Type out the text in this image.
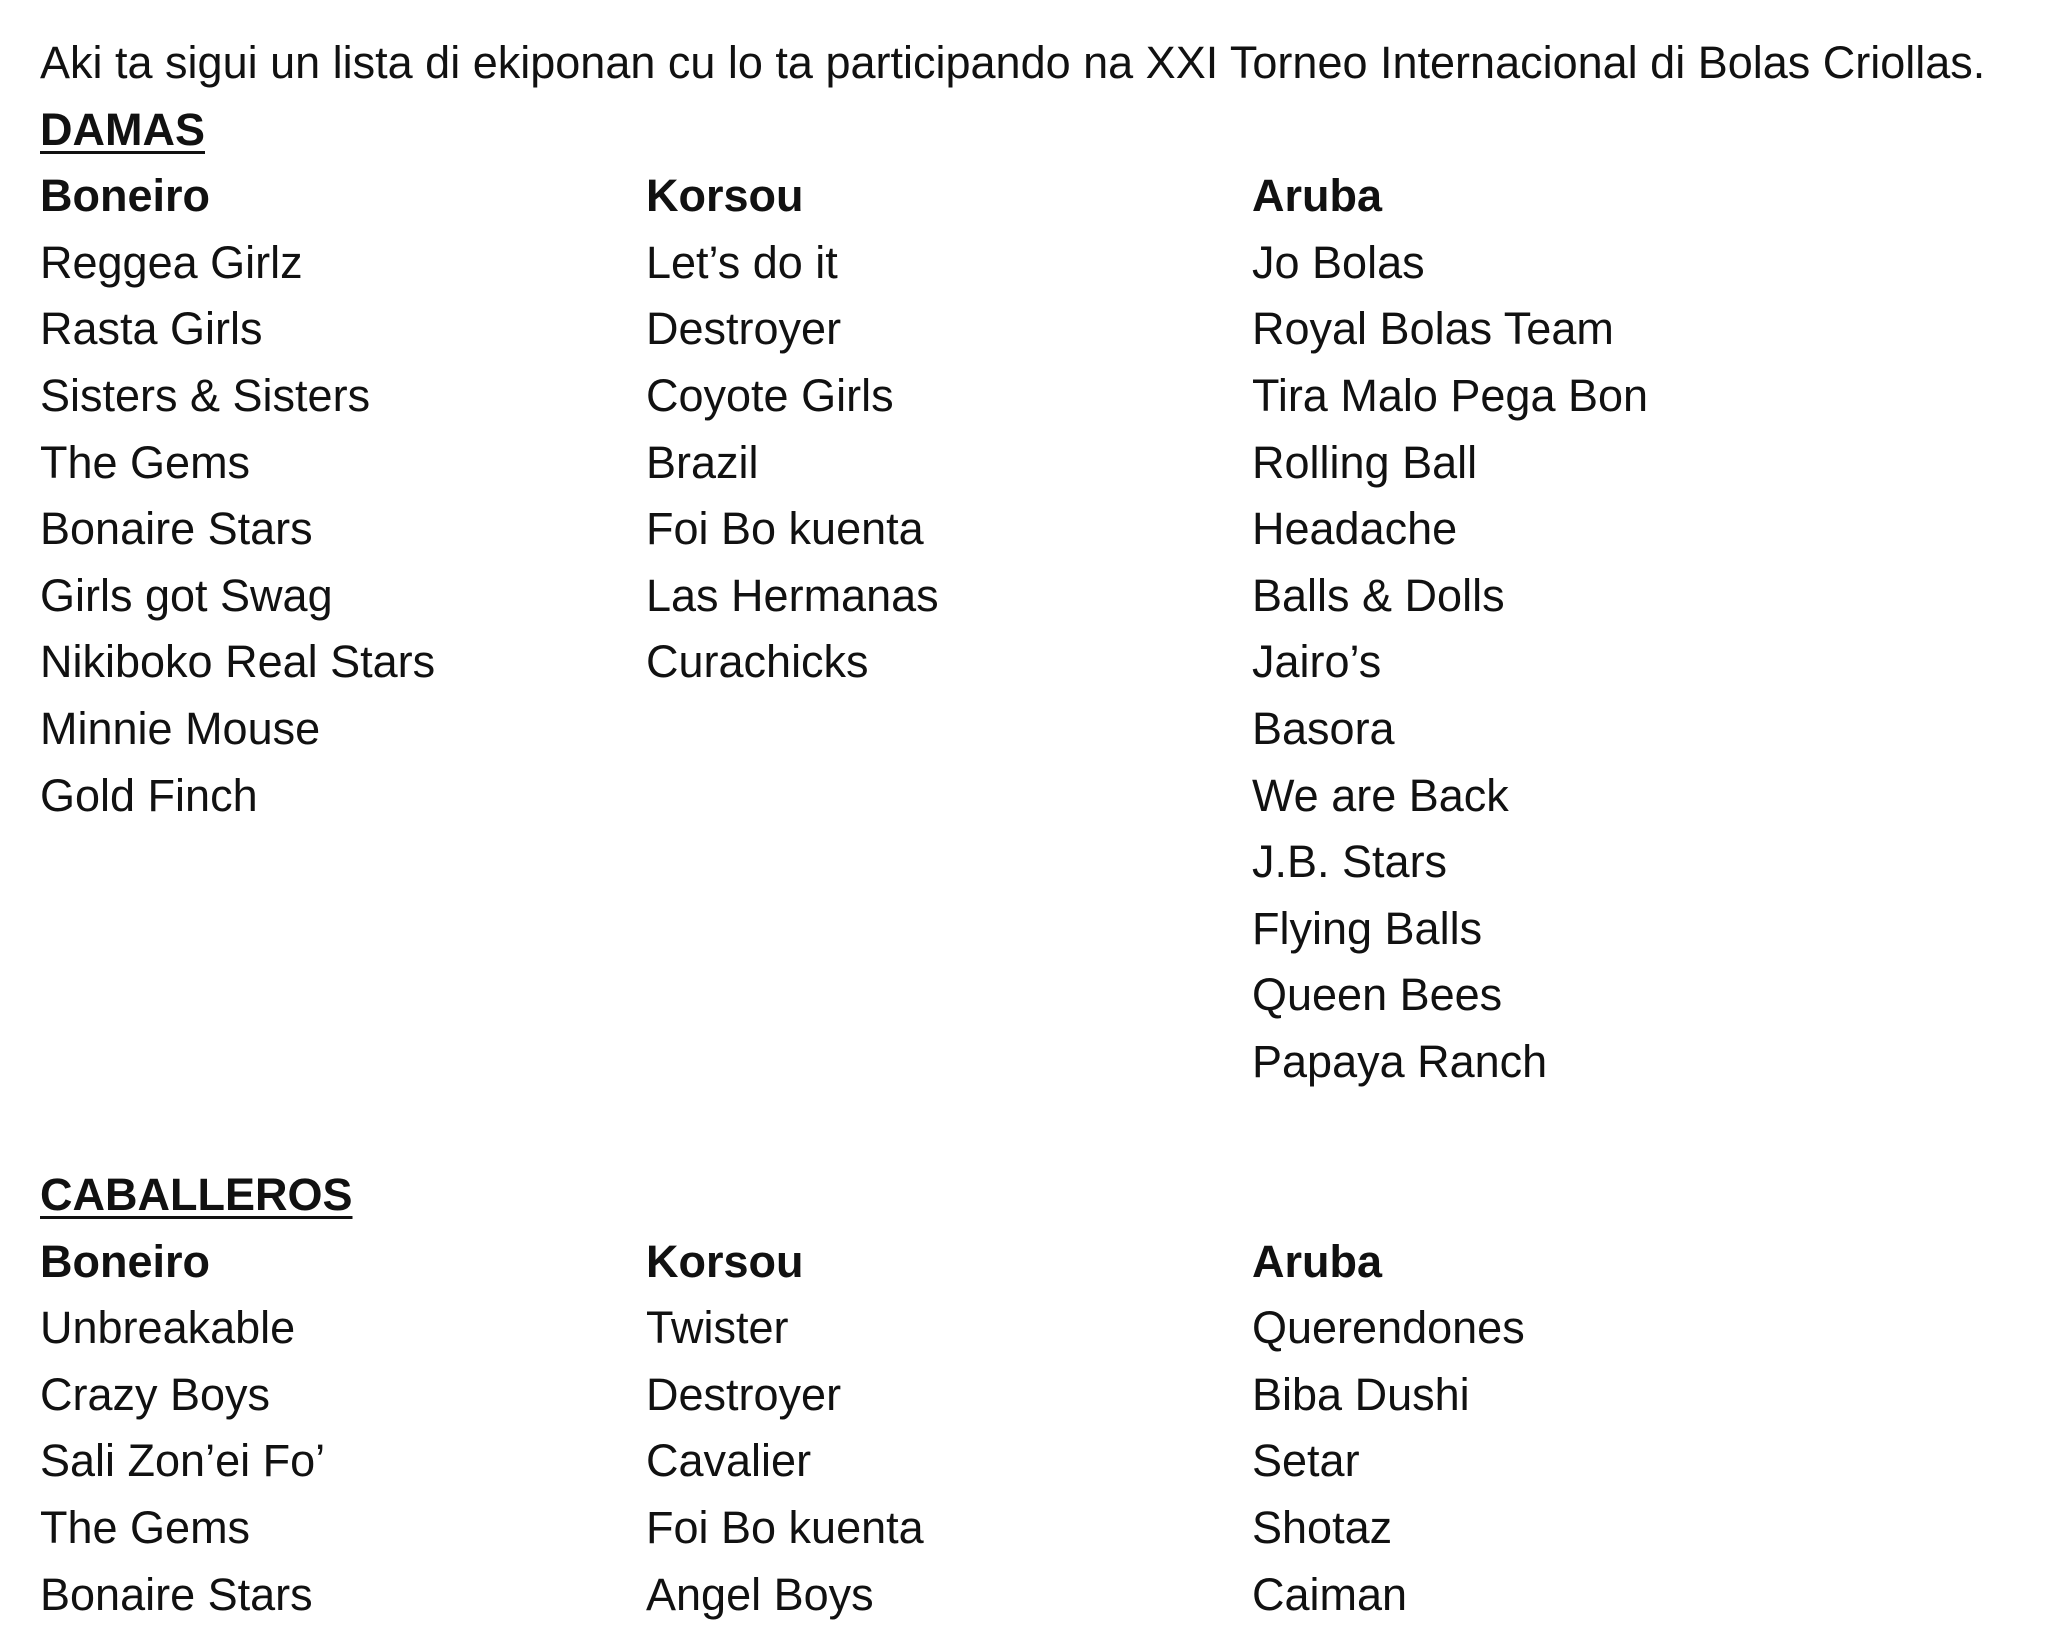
Aki ta sigui un lista di ekiponan cu lo ta participando na XXI Torneo Internacional di Bolas Criollas.
DAMAS
Boneiro
Reggea Girlz
Rasta Girls
Sisters & Sisters
The Gems
Bonaire Stars
Girls got Swag
Nikiboko Real Stars
Minnie Mouse
Gold Finch
Korsou
Let’s do it
Destroyer
Coyote Girls
Brazil
Foi Bo kuenta
Las Hermanas
Curachicks
Aruba
Jo Bolas
Royal Bolas Team
Tira Malo Pega Bon
Rolling Ball
Headache
Balls & Dolls
Jairo’s
Basora
We are Back
J.B. Stars
Flying Balls
Queen Bees
Papaya Ranch
CABALLEROS
Boneiro
Unbreakable
Crazy Boys
Sali Zon’ei Fo’
The Gems
Bonaire Stars
Korsou
Twister
Destroyer
Cavalier
Foi Bo kuenta
Angel Boys
Aruba
Querendones
Biba Dushi
Setar
Shotaz
Caiman
